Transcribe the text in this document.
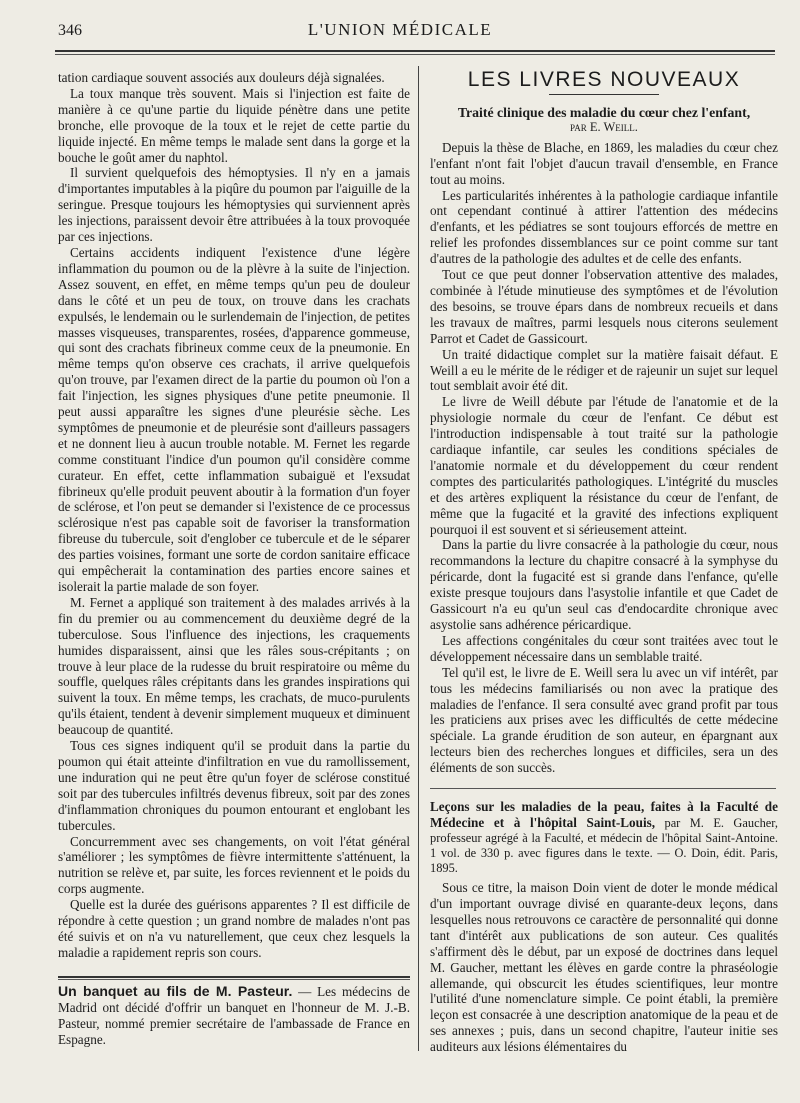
346	L'UNION MÉDICALE

tation cardiaque souvent associés aux douleurs déjà signalées.

La toux manque très souvent. Mais si l'injection est faite de manière à ce qu'une partie du liquide pénètre dans une petite bronche, elle provoque de la toux et le rejet de cette partie du liquide injecté. En même temps le malade sent dans la gorge et la bouche le goût amer du naphtol.

Il survient quelquefois des hémoptysies. Il n'y en a jamais d'importantes imputables à la piqûre du poumon par l'aiguille de la seringue. Presque toujours les hémoptysies qui surviennent après les injections, paraissent devoir être attribuées à la toux provoquée par ces injections.

Certains accidents indiquent l'existence d'une légère inflammation du poumon ou de la plèvre à la suite de l'injection. Assez souvent, en effet, en même temps qu'un peu de douleur dans le côté et un peu de toux, on trouve dans les crachats expulsés, le lendemain ou le surlendemain de l'injection, de petites masses visqueuses, transparentes, rosées, d'apparence gommeuse, qui sont des crachats fibrineux comme ceux de la pneumonie. En même temps qu'on observe ces crachats, il arrive quelquefois qu'on trouve, par l'examen direct de la partie du poumon où l'on a fait l'injection, les signes physiques d'une petite pneumonie. Il peut aussi apparaître les signes d'une pleurésie sèche. Les symptômes de pneumonie et de pleurésie sont d'ailleurs passagers et ne donnent lieu à aucun trouble notable. M. Fernet les regarde comme constituant l'indice d'un poumon qu'il considère comme curateur. En effet, cette inflammation subaiguë et l'exsudat fibrineux qu'elle produit peuvent aboutir à la formation d'un foyer de sclérose, et l'on peut se demander si l'existence de ce processus sclérosique n'est pas capable soit de favoriser la transformation fibreuse du tubercule, soit d'englober ce tubercule et de le séparer des parties voisines, formant une sorte de cordon sanitaire efficace qui empêcherait la contamination des parties encore saines et isolerait la partie malade de son foyer.

M. Fernet a appliqué son traitement à des malades arrivés à la fin du premier ou au commencement du deuxième degré de la tuberculose. Sous l'influence des injections, les craquements humides disparaissent, ainsi que les râles sous-crépitants ; on trouve à leur place de la rudesse du bruit respiratoire ou même du souffle, quelques râles crépitants dans les grandes inspirations qui suivent la toux. En même temps, les crachats, de muco-purulents qu'ils étaient, tendent à devenir simplement muqueux et diminuent beaucoup de quantité.

Tous ces signes indiquent qu'il se produit dans la partie du poumon qui était atteinte d'infiltration en vue du ramollissement, une induration qui ne peut être qu'un foyer de sclérose constitué soit par des tubercules infiltrés devenus fibreux, soit par des zones d'inflammation chroniques du poumon entourant et englobant les tubercules.

Concurremment avec ses changements, on voit l'état général s'améliorer ; les symptômes de fièvre intermittente s'atténuent, la nutrition se relève et, par suite, les forces reviennent et le poids du corps augmente.

Quelle est la durée des guérisons apparentes ? Il est difficile de répondre à cette question ; un grand nombre de malades n'ont pas été suivis et on n'a vu naturellement, que ceux chez lesquels la maladie a rapidement repris son cours.

Un banquet au fils de M. Pasteur. — Les médecins de Madrid ont décidé d'offrir un banquet en l'honneur de M. J.-B. Pasteur, nommé premier secrétaire de l'ambassade de France en Espagne.
LES LIVRES NOUVEAUX
Traité clinique des maladie du cœur chez l'enfant,
par E. Weill.

Depuis la thèse de Blache, en 1869, les maladies du cœur chez l'enfant n'ont fait l'objet d'aucun travail d'ensemble, en France tout au moins.

Les particularités inhérentes à la pathologie cardiaque infantile ont cependant continué à attirer l'attention des médecins d'enfants, et les pédiatres se sont toujours efforcés de mettre en relief les profondes dissemblances sur ce point comme sur tant d'autres de la pathologie des adultes et de celle des enfants.

Tout ce que peut donner l'observation attentive des malades, combinée à l'étude minutieuse des symptômes et de l'évolution des besoins, se trouve épars dans de nombreux recueils et dans les travaux de maîtres, parmi lesquels nous citerons seulement Parrot et Cadet de Gassicourt.

Un traité didactique complet sur la matière faisait défaut. E Weill a eu le mérite de le rédiger et de rajeunir un sujet sur lequel tout semblait avoir été dit.

Le livre de Weill débute par l'étude de l'anatomie et de la physiologie normale du cœur de l'enfant. Ce début est l'introduction indispensable à tout traité sur la pathologie cardiaque infantile, car seules les conditions spéciales de l'anatomie normale et du développement du cœur rendent comptes des particularités pathologiques. L'intégrité du muscles et des artères expliquent la résistance du cœur de l'enfant, de même que la fugacité et la gravité des infections expliquent pourquoi il est souvent et si sérieusement atteint.

Dans la partie du livre consacrée à la pathologie du cœur, nous recommandons la lecture du chapitre consacré à la symphyse du péricarde, dont la fugacité est si grande dans l'enfance, qu'elle existe presque toujours dans l'asystolie infantile et que Cadet de Gassicourt n'a eu qu'un seul cas d'endocardite chronique avec asystolie sans adhérence péricardique.

Les affections congénitales du cœur sont traitées avec tout le développement nécessaire dans un semblable traité.

Tel qu'il est, le livre de E. Weill sera lu avec un vif intérêt, par tous les médecins familiarisés ou non avec la pratique des maladies de l'enfance. Il sera consulté avec grand profit par tous les praticiens aux prises avec les difficultés de cette médecine spéciale. La grande érudition de son auteur, en épargnant aux lecteurs bien des recherches longues et difficiles, sera un des éléments de son succès.

Leçons sur les maladies de la peau, faites à la Faculté de Médecine et à l'hôpital Saint-Louis, par M. E. Gaucher, professeur agrégé à la Faculté, et médecin de l'hôpital Saint-Antoine. 1 vol. de 330 p. avec figures dans le texte. — O. Doin, édit. Paris, 1895.

Sous ce titre, la maison Doin vient de doter le monde médical d'un important ouvrage divisé en quarante-deux leçons, dans lesquelles nous retrouvons ce caractère de personnalité qui donne tant d'intérêt aux publications de son auteur. Ces qualités s'affirment dès le début, par un exposé de doctrines dans lequel M. Gaucher, mettant les élèves en garde contre la phraséologie allemande, qui obscurcit les études scientifiques, leur montre l'utilité d'une nomenclature simple. Ce point établi, la première leçon est consacrée à une description anatomique de la peau et de ses annexes ; puis, dans un second chapitre, l'auteur initie ses auditeurs aux lésions élémentaires du
